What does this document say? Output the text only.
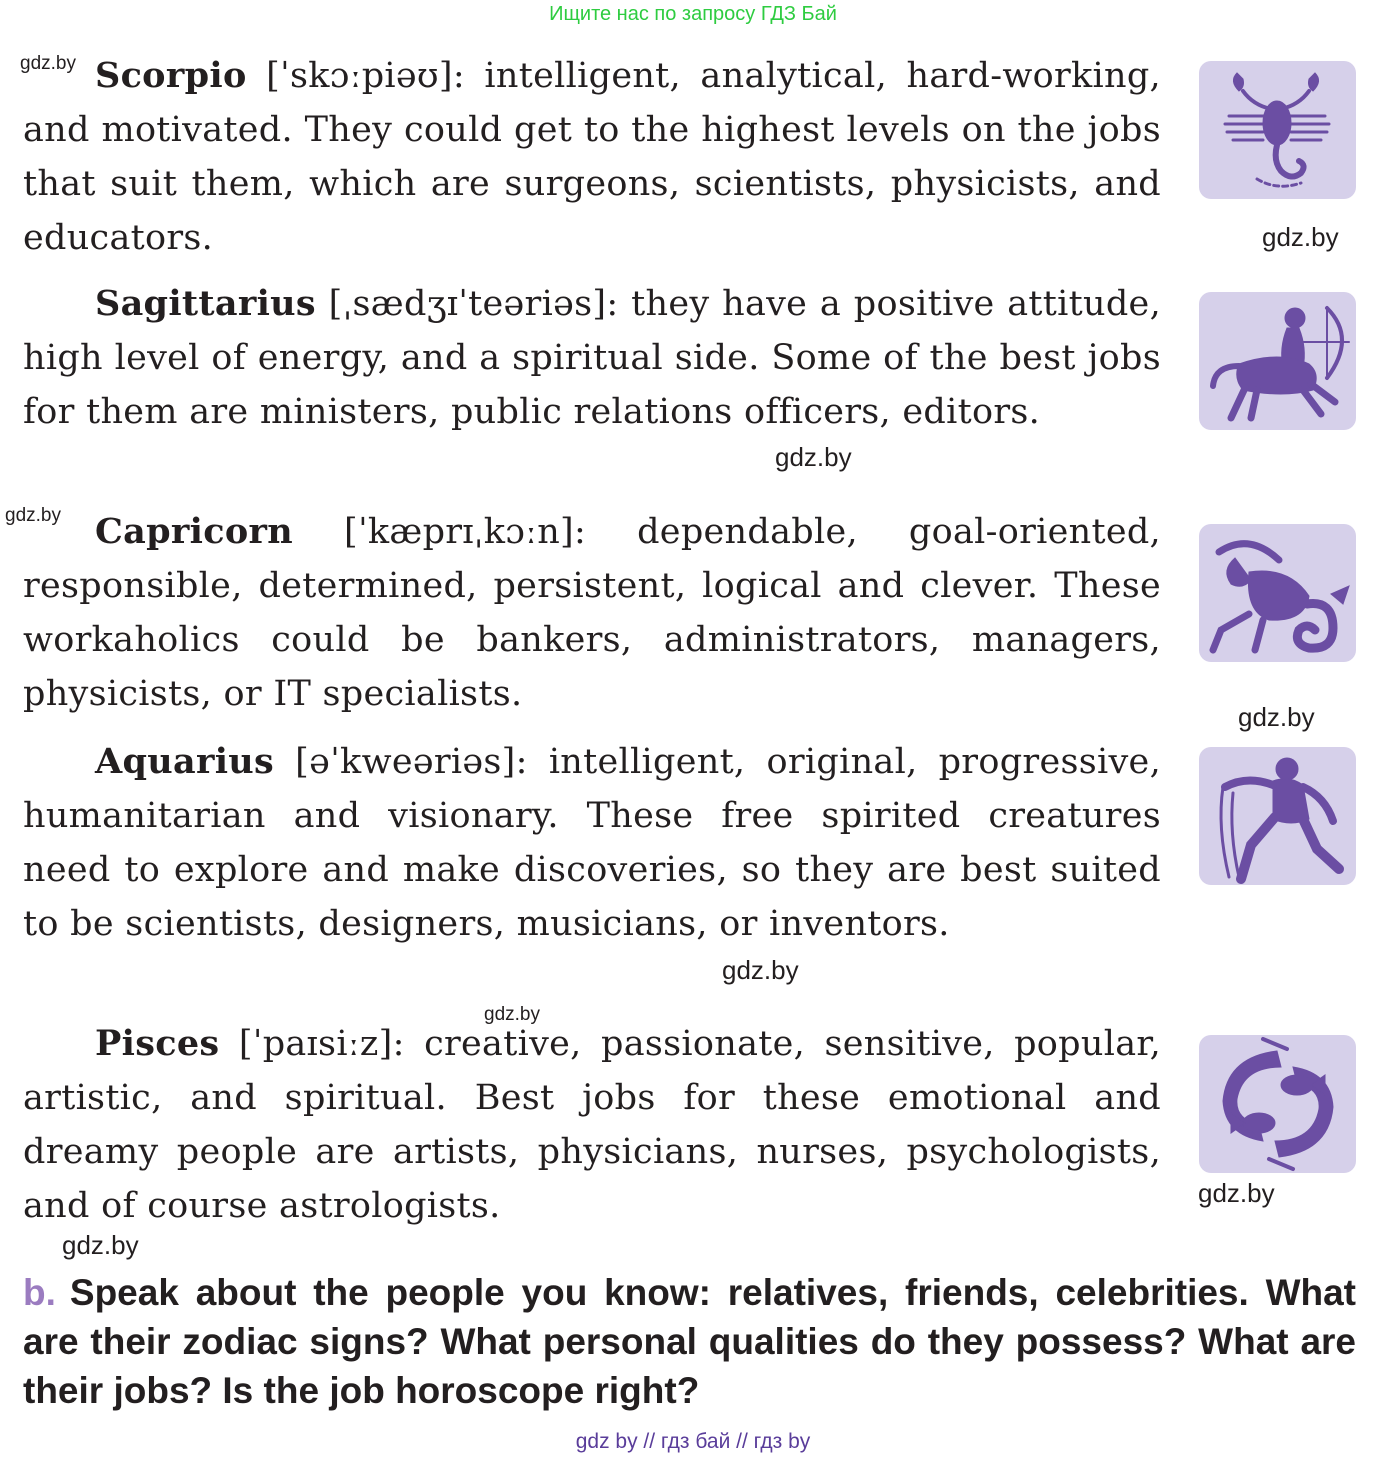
Ищите нас по запросу ГДЗ Бай

Scorpio [ˈskɔːpiəʊ]: intelligent, analytical, hard-working, and motivated. They could get to the highest levels on the jobs that suit them, which are surgeons, scientists, physicists, and educators.

gdz.by
gdz.by

Sagittarius [ˌsædʒɪˈteəriəs]: they have a positive attitude, high level of energy, and a spiritual side. Some of the best jobs for them are ministers, public relations officers, editors.

gdz.by

Capricorn [ˈkæprɪˌkɔːn]: dependable, goal-oriented, responsible, determined, persistent, logical and clever. These workaholics could be bankers, administrators, managers, physicists, or IT specialists.

gdz.by
gdz.by

Aquarius [əˈkweəriəs]: intelligent, original, progressive, humanitarian and visionary. These free spirited creatures need to explore and make discoveries, so they are best suited to be scientists, designers, musicians, or inventors.

gdz.by
gdz.by

Pisces [ˈpaɪsiːz]: creative, passionate, sensitive, popular, artistic, and spiritual. Best jobs for these emotional and dreamy people are artists, physicians, nurses, psychologists, and of course astrologists.	gdz.by
gdz.by
b. Speak about the people you know: relatives, friends, celebrities. What are their zodiac signs? What personal qualities do they possess? What are their jobs? Is the job horoscope right?
gdz by // гдз бай // гдз by
